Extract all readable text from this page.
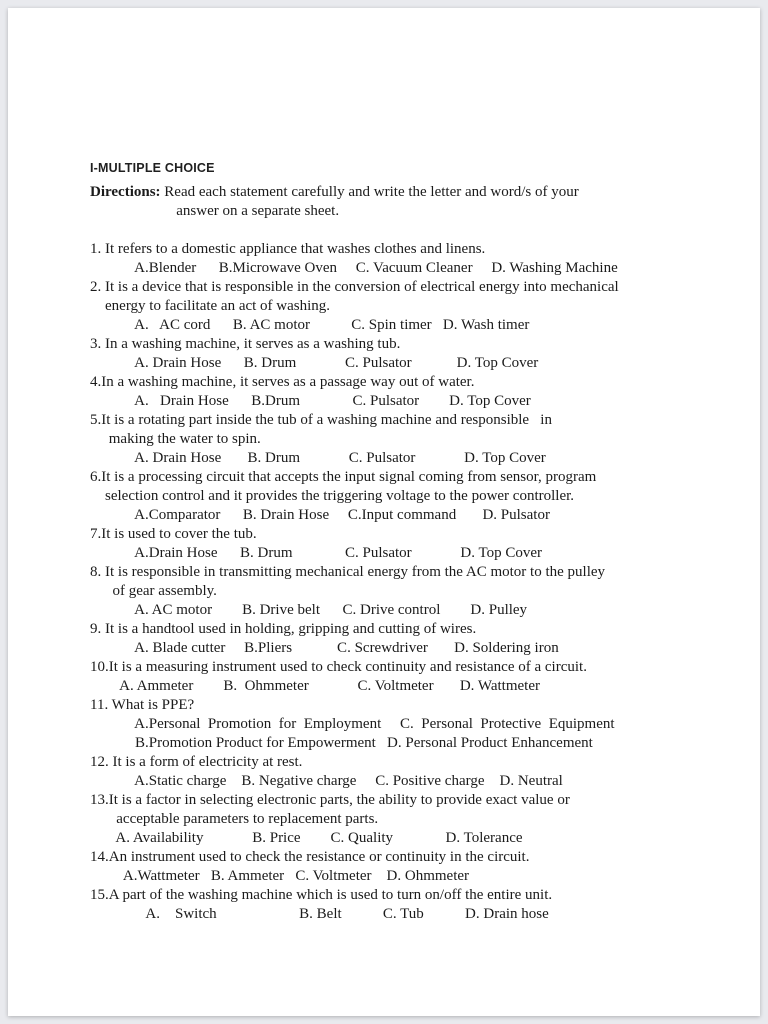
I-MULTIPLE CHOICE
Directions: Read each statement carefully and write the letter and word/s of your
answer on a separate sheet.

1. It refers to a domestic appliance that washes clothes and linens.
A.Blender      B.Microwave Oven     C. Vacuum Cleaner     D. Washing Machine
2. It is a device that is responsible in the conversion of electrical energy into mechanical
energy to facilitate an act of washing.
A.   AC cord      B. AC motor           C. Spin timer   D. Wash timer
3. In a washing machine, it serves as a washing tub.
A. Drain Hose      B. Drum             C. Pulsator            D. Top Cover
4.In a washing machine, it serves as a passage way out of water.
A.   Drain Hose      B.Drum              C. Pulsator        D. Top Cover
5.It is a rotating part inside the tub of a washing machine and responsible   in
making the water to spin.
A. Drain Hose       B. Drum             C. Pulsator             D. Top Cover
6.It is a processing circuit that accepts the input signal coming from sensor, program
selection control and it provides the triggering voltage to the power controller.
A.Comparator      B. Drain Hose     C.Input command       D. Pulsator
7.It is used to cover the tub.
A.Drain Hose      B. Drum              C. Pulsator             D. Top Cover
8. It is responsible in transmitting mechanical energy from the AC motor to the pulley
of gear assembly.
A. AC motor        B. Drive belt      C. Drive control        D. Pulley
9. It is a handtool used in holding, gripping and cutting of wires.
A. Blade cutter     B.Pliers            C. Screwdriver       D. Soldering iron
10.It is a measuring instrument used to check continuity and resistance of a circuit.
A. Ammeter        B.  Ohmmeter             C. Voltmeter       D. Wattmeter
11. What is PPE?
A.Personal  Promotion  for  Employment     C.  Personal  Protective  Equipment
B.Promotion Product for Empowerment   D. Personal Product Enhancement
12. It is a form of electricity at rest.
A.Static charge    B. Negative charge     C. Positive charge    D. Neutral
13.It is a factor in selecting electronic parts, the ability to provide exact value or
acceptable parameters to replacement parts.
A. Availability             B. Price        C. Quality              D. Tolerance
14.An instrument used to check the resistance or continuity in the circuit.
A.Wattmeter   B. Ammeter   C. Voltmeter    D. Ohmmeter
15.A part of the washing machine which is used to turn on/off the entire unit.
A.    Switch                      B. Belt           C. Tub           D. Drain hose
